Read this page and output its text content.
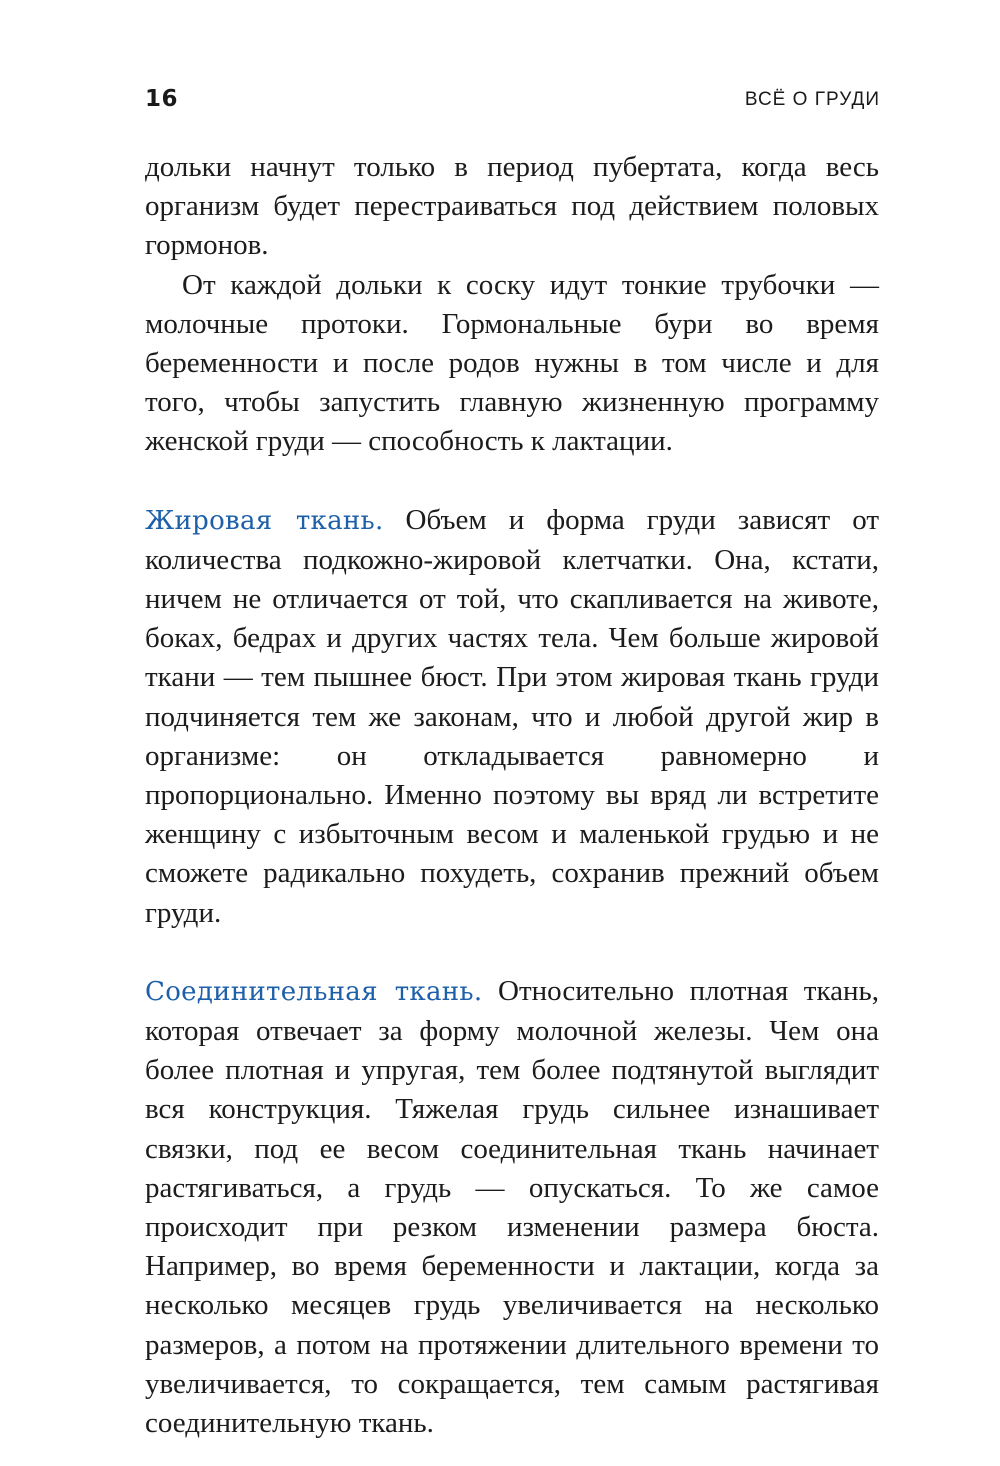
16	ВСЁ О ГРУДИ

дольки начнут только в период пубертата, когда весь организм будет перестраиваться под действием половых гормонов.

От каждой дольки к соску идут тонкие трубочки — молочные протоки. Гормональные бури во время беременности и после родов нужны в том числе и для того, чтобы запустить главную жизненную программу женской груди — способность к лактации.

Жировая ткань. Объем и форма груди зависят от количества подкожно-жировой клетчатки. Она, кстати, ничем не отличается от той, что скапливается на животе, боках, бедрах и других частях тела. Чем больше жировой ткани — тем пышнее бюст. При этом жировая ткань груди подчиняется тем же законам, что и любой другой жир в организме: он откладывается равномерно и пропорционально. Именно поэтому вы вряд ли встретите женщину с избыточным весом и маленькой грудью и не сможете радикально похудеть, сохранив прежний объем груди.

Соединительная ткань. Относительно плотная ткань, которая отвечает за форму молочной железы. Чем она более плотная и упругая, тем более подтянутой выглядит вся конструкция. Тяжелая грудь сильнее изнашивает связки, под ее весом соединительная ткань начинает растягиваться, а грудь — опускаться. То же самое происходит при резком изменении размера бюста. Например, во время беременности и лактации, когда за несколько месяцев грудь увеличивается на несколько размеров, а потом на протяжении длительного времени то увеличивается, то сокращается, тем самым растягивая соединительную ткань.
